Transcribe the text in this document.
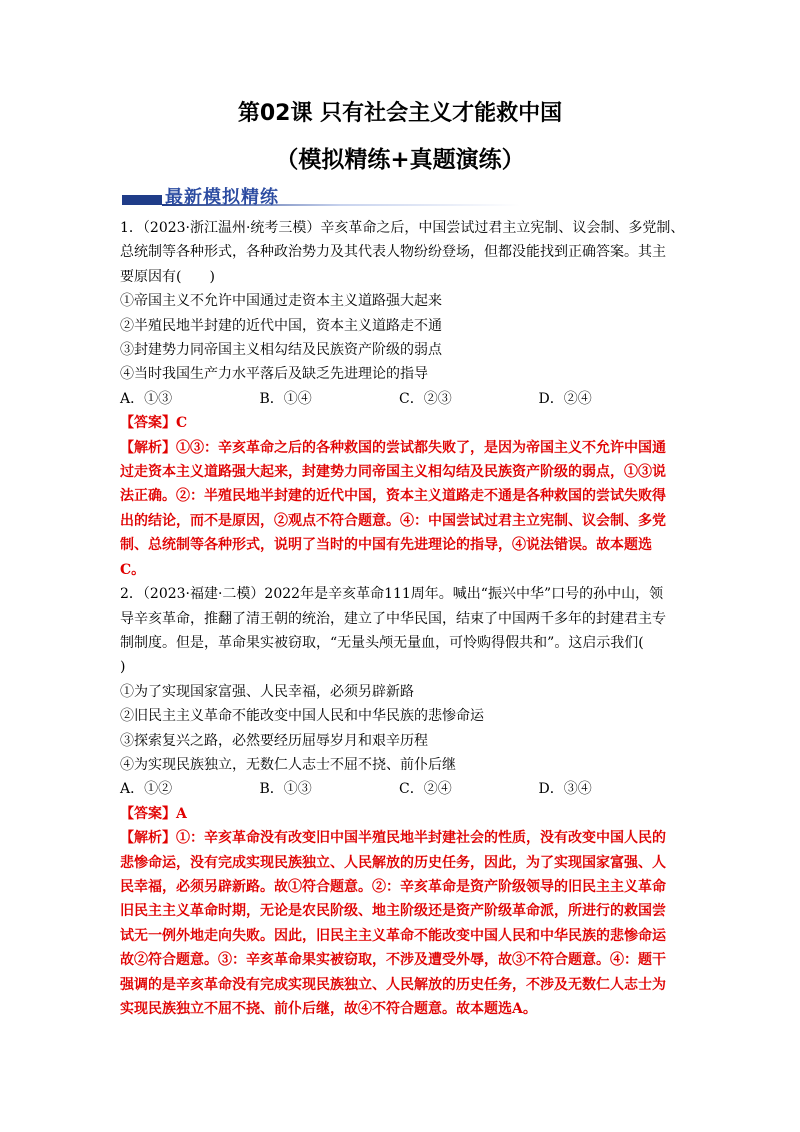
第02课 只有社会主义才能救中国
（模拟精练+真题演练）
最新模拟精练
1．（2023·浙江温州·统考三模）辛亥革命之后，中国尝试过君主立宪制、议会制、多党制、
总统制等各种形式，各种政治势力及其代表人物纷纷登场，但都没能找到正确答案。其主
要原因有(　　)
①帝国主义不允许中国通过走资本主义道路强大起来
②半殖民地半封建的近代中国，资本主义道路走不通
③封建势力同帝国主义相勾结及民族资产阶级的弱点
④当时我国生产力水平落后及缺乏先进理论的指导
A．①③	B．①④	C．②③	D．②④
【答案】C
【解析】①③：辛亥革命之后的各种救国的尝试都失败了，是因为帝国主义不允许中国通
过走资本主义道路强大起来，封建势力同帝国主义相勾结及民族资产阶级的弱点，①③说
法正确。②：半殖民地半封建的近代中国，资本主义道路走不通是各种救国的尝试失败得
出的结论，而不是原因，②观点不符合题意。④：中国尝试过君主立宪制、议会制、多党
制、总统制等各种形式，说明了当时的中国有先进理论的指导，④说法错误。故本题选
C。
2．（2023·福建·二模）2022年是辛亥革命111周年。喊出“振兴中华”口号的孙中山，领
导辛亥革命，推翻了清王朝的统治，建立了中华民国，结束了中国两千多年的封建君主专
制制度。但是，革命果实被窃取，“无量头颅无量血，可怜购得假共和”。这启示我们(
)
①为了实现国家富强、人民幸福，必须另辟新路
②旧民主主义革命不能改变中国人民和中华民族的悲惨命运
③探索复兴之路，必然要经历屈辱岁月和艰辛历程
④为实现民族独立，无数仁人志士不屈不挠、前仆后继
A．①②	B．①③	C．②④	D．③④
【答案】A
【解析】①：辛亥革命没有改变旧中国半殖民地半封建社会的性质，没有改变中国人民的
悲惨命运，没有完成实现民族独立、人民解放的历史任务，因此，为了实现国家富强、人
民幸福，必须另辟新路。故①符合题意。②：辛亥革命是资产阶级领导的旧民主主义革命
旧民主主义革命时期，无论是农民阶级、地主阶级还是资产阶级革命派，所进行的救国尝
试无一例外地走向失败。因此，旧民主主义革命不能改变中国人民和中华民族的悲惨命运
故②符合题意。③：辛亥革命果实被窃取，不涉及遭受外辱，故③不符合题意。④：题干
强调的是辛亥革命没有完成实现民族独立、人民解放的历史任务，不涉及无数仁人志士为
实现民族独立不屈不挠、前仆后继，故④不符合题意。故本题选A。
